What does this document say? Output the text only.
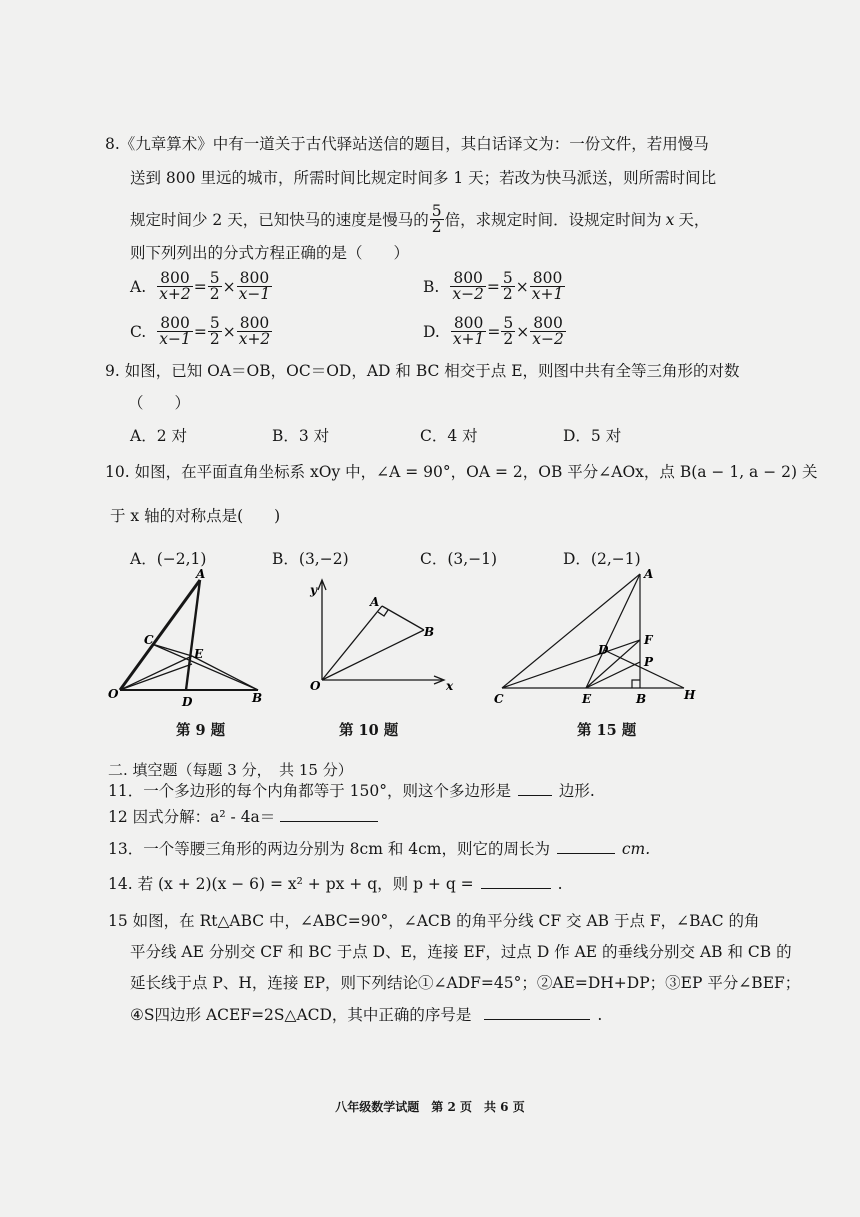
8.《九章算术》中有一道关于古代驿站送信的题目，其白话译文为：一份文件，若用慢马
送到 800 里远的城市，所需时间比规定时间多 1 天；若改为快马派送，则所需时间比
规定时间少 2 天，已知快马的速度是慢马的 $\frac{5}{2}$ 倍，求规定时间．设规定时间为 x 天，
则下列列出的分式方程正确的是（　　）
A. $\frac{800}{x+2} = \frac{5}{2} \times \frac{800}{x-1}$	B. $\frac{800}{x-2} = \frac{5}{2} \times \frac{800}{x+1}$
C. $\frac{800}{x-1} = \frac{5}{2} \times \frac{800}{x+2}$	D. $\frac{800}{x+1} = \frac{5}{2} \times \frac{800}{x-2}$
9. 如图，已知 OA＝OB，OC＝OD，AD 和 BC 相交于点 E，则图中共有全等三角形的对数
（　　）
A．2 对	B．3 对	C．4 对	D．5 对
10. 如图，在平面直角坐标系 xOy 中，∠A = 90°，OA = 2，OB 平分∠AOx，点 B(a − 1, a − 2) 关
于 x 轴的对称点是(　　)
A．(−2,1)	B．(3,−2)	C．(3,−1)	D．(2,−1)
A
C
E
O
D	B
第 9 题
y
A
B
O	x
第 10 题
A
F
D
P
C	E	B	H
第 15 题
二. 填空题（每题 3 分，　共 15 分）
11．一个多边形的每个内角都等于 150°，则这个多边形是	边形.
12 因式分解：a² - 4a＝
13．一个等腰三角形的两边分别为 8cm 和 4cm，则它的周长为	cm.
14. 若 (x + 2)(x − 6) = x² + px + q，则 p + q =	.
15 如图，在 Rt△ABC 中，∠ABC=90°，∠ACB 的角平分线 CF 交 AB 于点 F，∠BAC 的角
平分线 AE 分别交 CF 和 BC 于点 D、E，连接 EF，过点 D 作 AE 的垂线分别交 AB 和 CB 的
延长线于点 P、H，连接 EP，则下列结论①∠ADF=45°；②AE=DH+DP；③EP 平分∠BEF；
④S四边形 ACEF=2S△ACD，其中正确的序号是	.
八年级数学试题　第 2 页　共 6 页
